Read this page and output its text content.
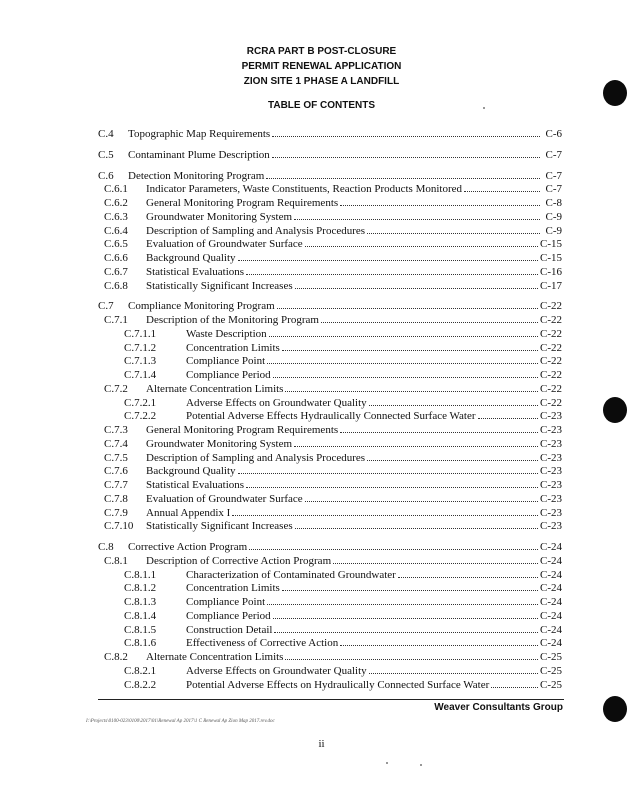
RCRA PART B POST-CLOSURE
PERMIT RENEWAL APPLICATION
ZION SITE 1 PHASE A LANDFILL
TABLE OF CONTENTS
C.4	Topographic Map Requirements	C-6
C.5	Contaminant Plume Description	C-7
C.6	Detection Monitoring Program	C-7
C.6.1	Indicator Parameters, Waste Constituents, Reaction Products Monitored	C-7
C.6.2	General Monitoring Program Requirements	C-8
C.6.3	Groundwater Monitoring System	C-9
C.6.4	Description of Sampling and Analysis Procedures	C-9
C.6.5	Evaluation of Groundwater Surface	C-15
C.6.6	Background Quality	C-15
C.6.7	Statistical Evaluations	C-16
C.6.8	Statistically Significant Increases	C-17
C.7	Compliance Monitoring Program	C-22
C.7.1	Description of the Monitoring Program	C-22
C.7.1.1	Waste Description	C-22
C.7.1.2	Concentration Limits	C-22
C.7.1.3	Compliance Point	C-22
C.7.1.4	Compliance Period	C-22
C.7.2	Alternate Concentration Limits	C-22
C.7.2.1	Adverse Effects on Groundwater Quality	C-22
C.7.2.2	Potential Adverse Effects Hydraulically Connected Surface Water	C-23
C.7.3	General Monitoring Program Requirements	C-23
C.7.4	Groundwater Monitoring System	C-23
C.7.5	Description of Sampling and Analysis Procedures	C-23
C.7.6	Background Quality	C-23
C.7.7	Statistical Evaluations	C-23
C.7.8	Evaluation of Groundwater Surface	C-23
C.7.9	Annual Appendix I	C-23
C.7.10	Statistically Significant Increases	C-23
C.8	Corrective Action Program	C-24
C.8.1	Description of Corrective Action Program	C-24
C.8.1.1	Characterization of Contaminated Groundwater	C-24
C.8.1.2	Concentration Limits	C-24
C.8.1.3	Compliance Point	C-24
C.8.1.4	Compliance Period	C-24
C.8.1.5	Construction Detail	C-24
C.8.1.6	Effectiveness of Corrective Action	C-24
C.8.2	Alternate Concentration Limits	C-25
C.8.2.1	Adverse Effects on Groundwater Quality	C-25
C.8.2.2	Potential Adverse Effects on Hydraulically Connected Surface Water	C-25
Weaver Consultants Group
I:\Projects\0100-023\0100\2017\01\Renewal Ap 2017\1 C Renewal Ap Zion Map 2017.rev.doc
ii
